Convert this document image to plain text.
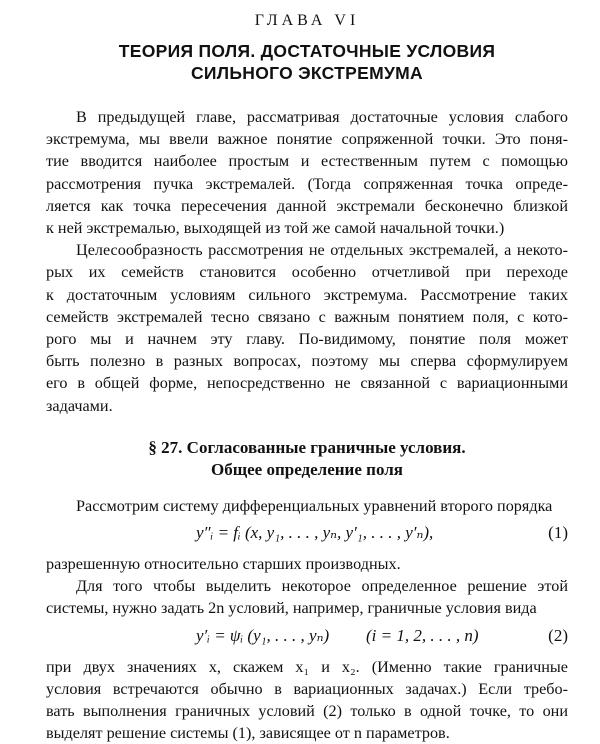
ГЛАВА VI
ТЕОРИЯ ПОЛЯ. ДОСТАТОЧНЫЕ УСЛОВИЯ
СИЛЬНОГО ЭКСТРЕМУМА

В предыдущей главе, рассматривая достаточные условия слабого
экстремума, мы ввели важное понятие сопряженной точки. Это поня-
тие вводится наиболее простым и естественным путем с помощью
рассмотрения пучка экстремалей. (Тогда сопряженная точка опреде-
ляется как точка пересечения данной экстремали бесконечно близкой
к ней экстремалью, выходящей из той же самой начальной точки.)

Целесообразность рассмотрения не отдельных экстремалей, а некото-
рых их семейств становится особенно отчетливой при переходе
к достаточным условиям сильного экстремума. Рассмотрение таких
семейств экстремалей тесно связано с важным понятием поля, с кото-
рого мы и начнем эту главу. По-видимому, понятие поля может
быть полезно в разных вопросах, поэтому мы сперва сформулируем
его в общей форме, непосредственно не связанной с вариационными
задачами.

§ 27. Согласованные граничные условия.
Общее определение поля

Рассмотрим систему дифференциальных уравнений второго порядка

y″ᵢ = fᵢ (x, y₁, . . . , yₙ, y′₁, . . . , y′ₙ),	(1)

разрешенную относительно старших производных.

Для того чтобы выделить некоторое определенное решение этой
системы, нужно задать 2n условий, например, граничные условия вида

y′ᵢ = ψᵢ (y₁, . . . , yₙ) (i = 1, 2, . . . , n)	(2)

при двух значениях x, скажем x₁ и x₂. (Именно такие граничные
условия встречаются обычно в вариационных задачах.) Если требо-
вать выполнения граничных условий (2) только в одной точке, то они
выделят решение системы (1), зависящее от n параметров.
